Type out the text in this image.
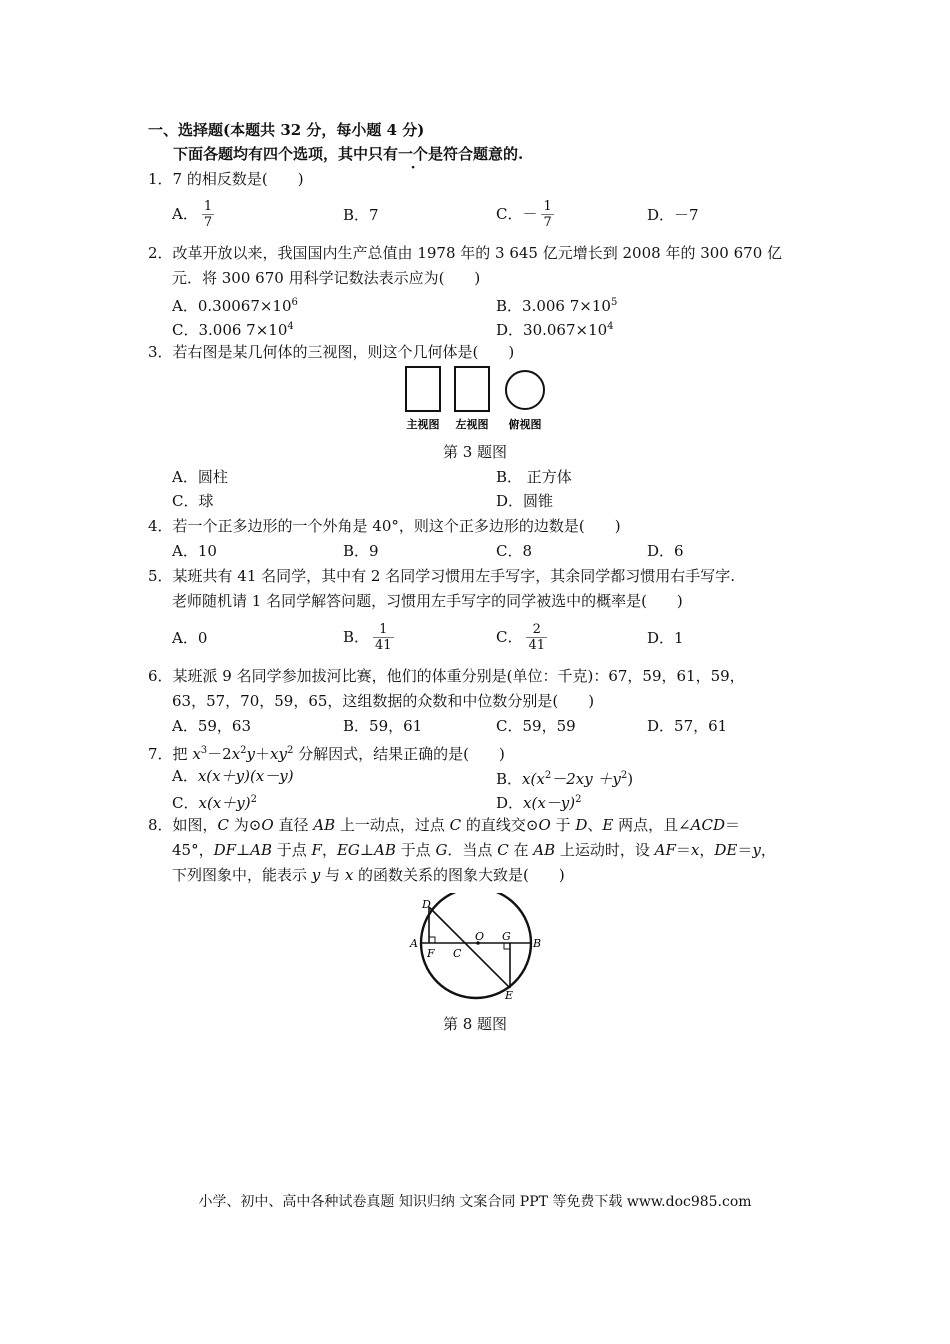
一、选择题(本题共 32 分，每小题 4 分)
下面各题均有四个选项，其中只有一个是符合题意的.
1．7 的相反数是(　　)
A． $\frac{1}{7}$	B．7	C．－ $\frac{1}{7}$	D．－7
2．改革开放以来，我国国内生产总值由 1978 年的 3 645 亿元增长到 2008 年的 300 670 亿
元．将 300 670 用科学记数法表示应为(　　)
A．$0.30067\times 10^6$	B．3.006 $7\times 10^5$
C．3.006 $7\times 10^4$	D．$30.067\times 10^4$
3．若右图是某几何体的三视图，则这个几何体是(　　)
主视图 左视图 俯视图
第 3 题图
A．圆柱	B． 正方体
C．球	D．圆锥
4．若一个正多边形的一个外角是 40°，则这个正多边形的边数是(　　)
A．10	B．9	C．8	D．6
5．某班共有 41 名同学，其中有 2 名同学习惯用左手写字，其余同学都习惯用右手写字.
老师随机请 1 名同学解答问题，习惯用左手写字的同学被选中的概率是(　　)
A．0	B． $\frac{1}{41}$	C． $\frac{2}{41}$	D．1
6．某班派 9 名同学参加拔河比赛，他们的体重分别是(单位：千克)：67，59，61，59，
63，57，70，59，65，这组数据的众数和中位数分别是(　　)
A．59，63	B．59，61	C．59，59	D．57，61
7．把 $x^3-2x^2y+xy^2$ 分解因式，结果正确的是(　　)
A．x(x＋y)(x－y)	B．$x(x^2-2xy +y^2)$
C．$x(x+y)^2$	D．$x(x-y)^2$
8．如图，C 为⊙O 直径 AB 上一动点，过点 C 的直线交⊙O 于 D、E 两点，且∠ACD＝
45°，DF⊥AB 于点 F，EG⊥AB 于点 G．当点 C 在 AB 上运动时，设 AF＝x，DE＝y，
下列图象中，能表示 y 与 x 的函数关系的图象大致是(　　)
D
A
F C
O G
B
E
第 8 题图
小学、初中、高中各种试卷真题 知识归纳 文案合同 PPT 等免费下载 www.doc985.com
